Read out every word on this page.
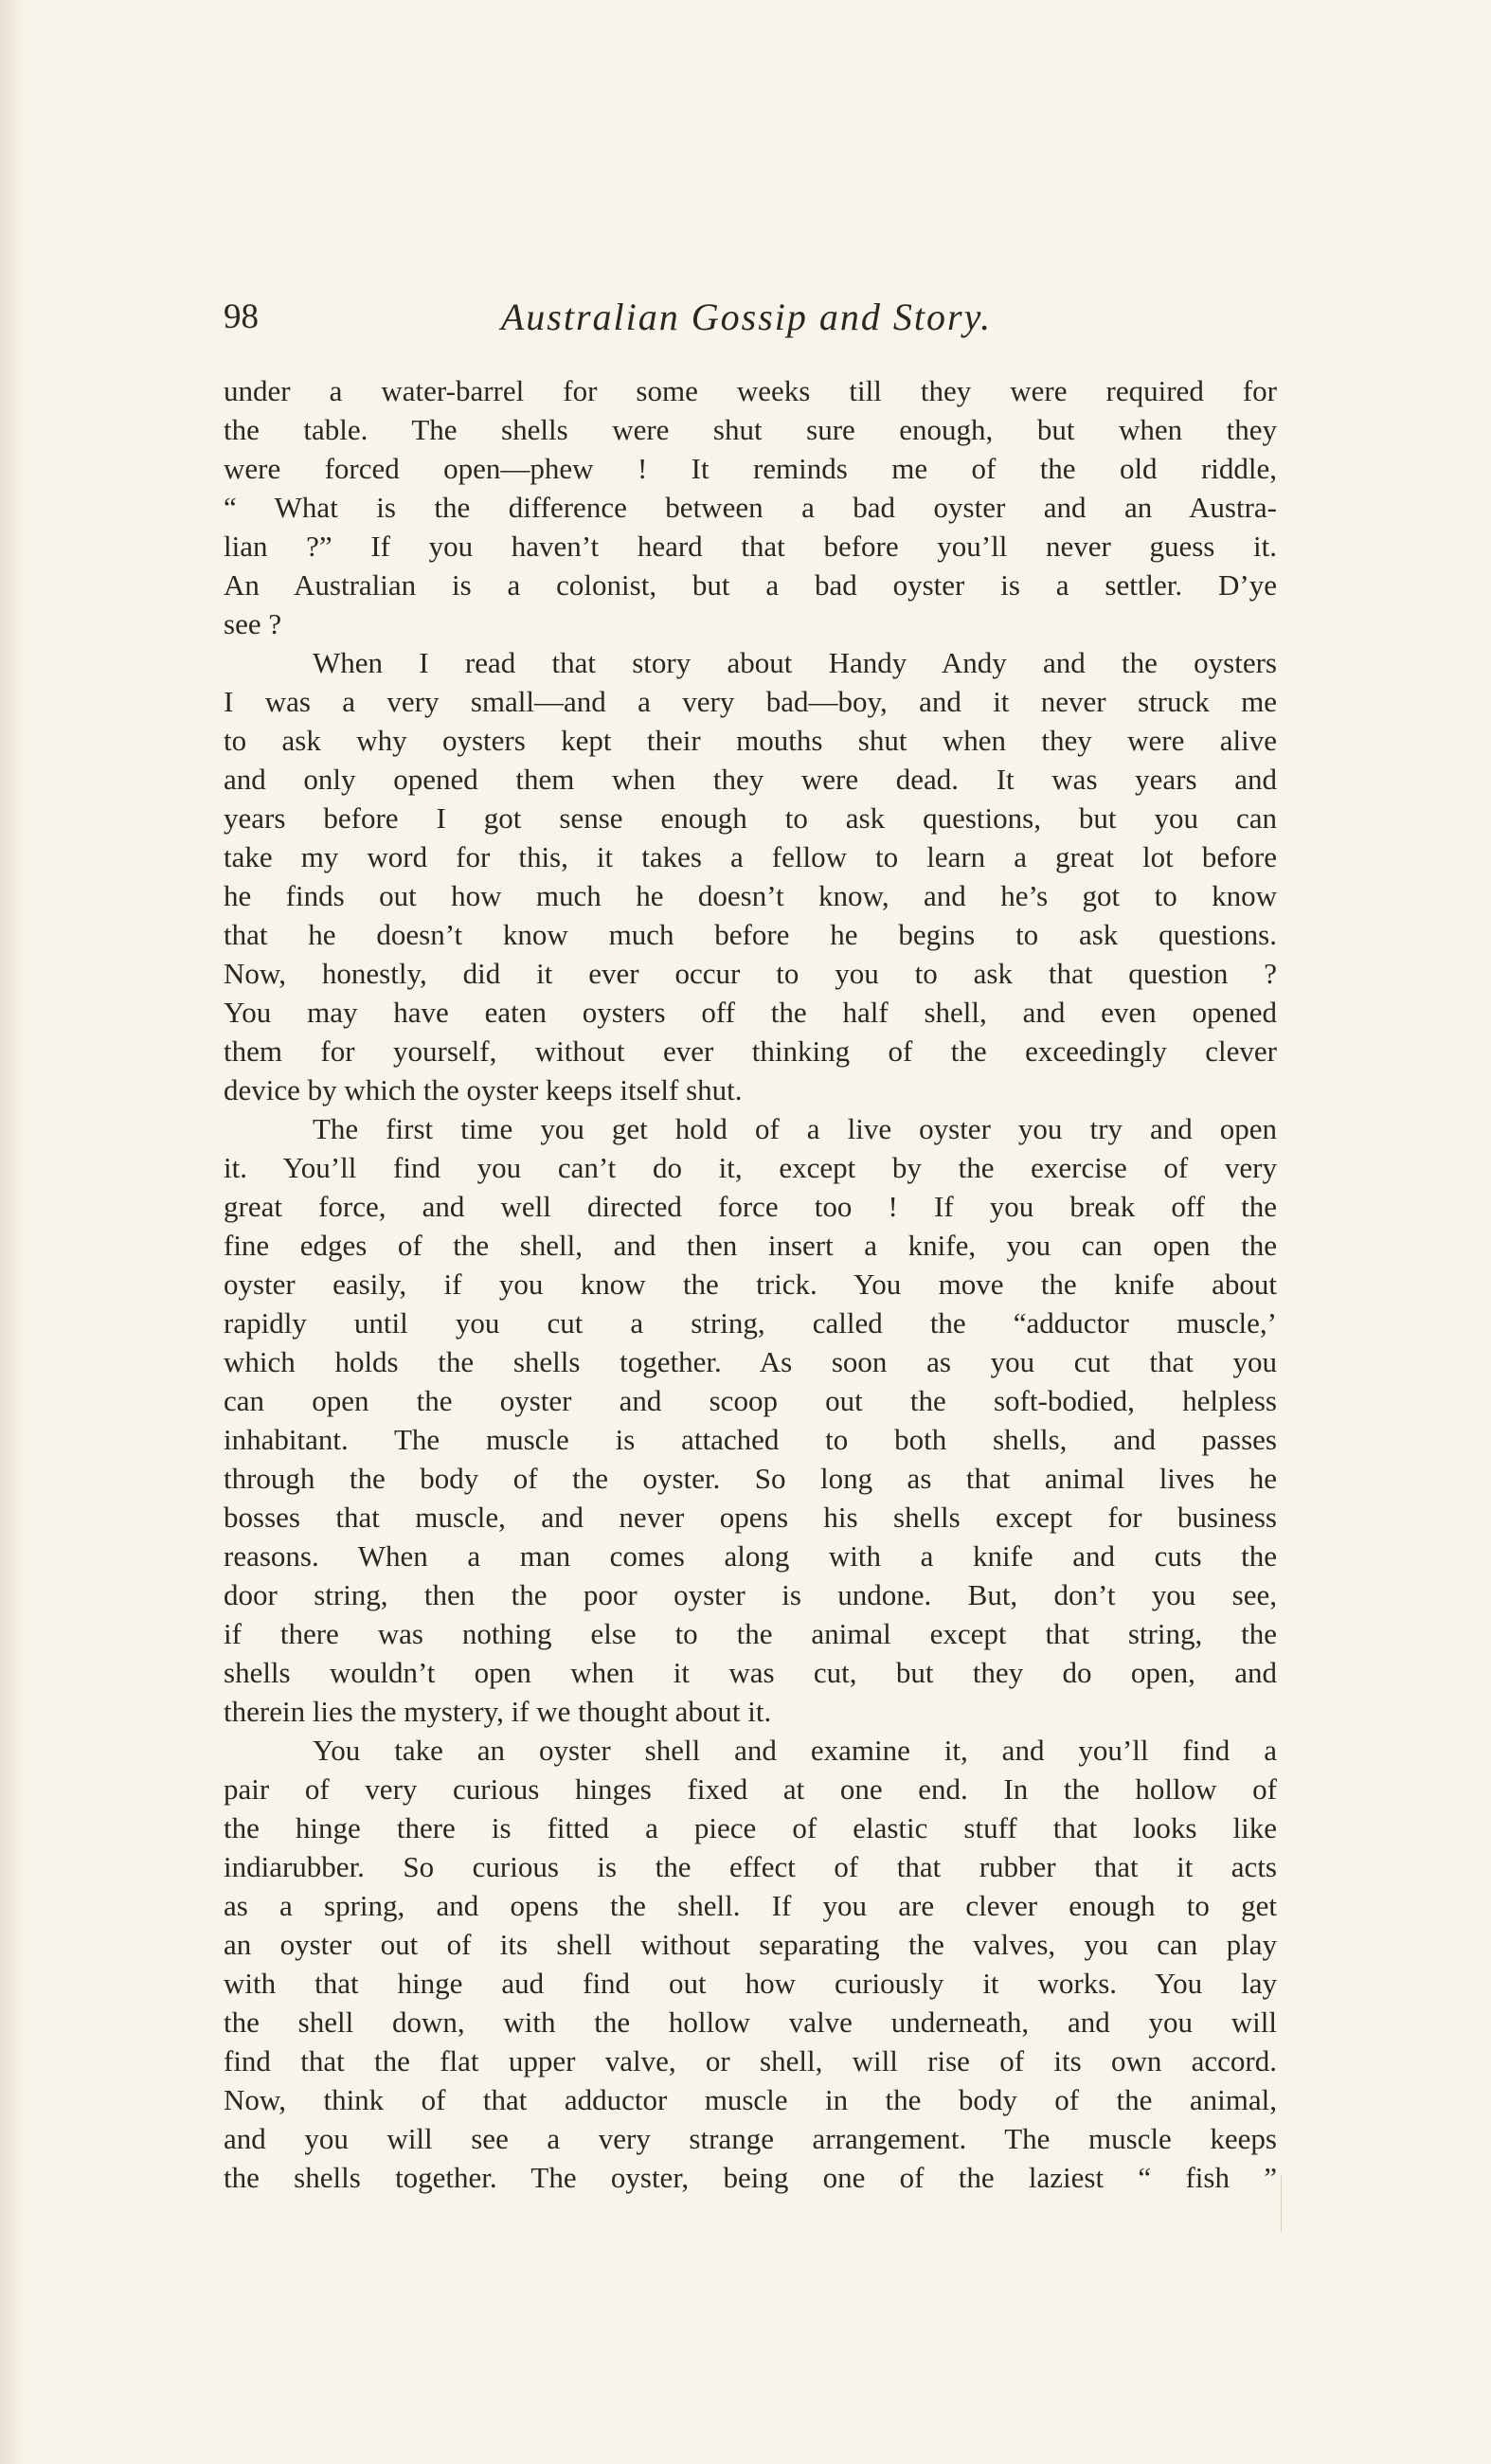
98	Australian Gossip and Story.
under a water-barrel for some weeks till they were required for
the table. The shells were shut sure enough, but when they
were forced open—phew ! It reminds me of the old riddle,
“ What is the difference between a bad oyster and an Austra-
lian ?” If you haven’t heard that before you’ll never guess it.
An Australian is a colonist, but a bad oyster is a settler. D’ye
see ?
When I read that story about Handy Andy and the oysters
I was a very small—and a very bad—boy, and it never struck me
to ask why oysters kept their mouths shut when they were alive
and only opened them when they were dead. It was years and
years before I got sense enough to ask questions, but you can
take my word for this, it takes a fellow to learn a great lot before
he finds out how much he doesn’t know, and he’s got to know
that he doesn’t know much before he begins to ask questions.
Now, honestly, did it ever occur to you to ask that question ?
You may have eaten oysters off the half shell, and even opened
them for yourself, without ever thinking of the exceedingly clever
device by which the oyster keeps itself shut.
The first time you get hold of a live oyster you try and open
it. You’ll find you can’t do it, except by the exercise of very
great force, and well directed force too ! If you break off the
fine edges of the shell, and then insert a knife, you can open the
oyster easily, if you know the trick. You move the knife about
rapidly until you cut a string, called the “adductor muscle,’
which holds the shells together. As soon as you cut that you
can open the oyster and scoop out the soft-bodied, helpless
inhabitant. The muscle is attached to both shells, and passes
through the body of the oyster. So long as that animal lives he
bosses that muscle, and never opens his shells except for business
reasons. When a man comes along with a knife and cuts the
door string, then the poor oyster is undone. But, don’t you see,
if there was nothing else to the animal except that string, the
shells wouldn’t open when it was cut, but they do open, and
therein lies the mystery, if we thought about it.
You take an oyster shell and examine it, and you’ll find a
pair of very curious hinges fixed at one end. In the hollow of
the hinge there is fitted a piece of elastic stuff that looks like
indiarubber. So curious is the effect of that rubber that it acts
as a spring, and opens the shell. If you are clever enough to get
an oyster out of its shell without separating the valves, you can play
with that hinge aud find out how curiously it works. You lay
the shell down, with the hollow valve underneath, and you will
find that the flat upper valve, or shell, will rise of its own accord.
Now, think of that adductor muscle in the body of the animal,
and you will see a very strange arrangement. The muscle keeps
the shells together. The oyster, being one of the laziest “ fish ”
